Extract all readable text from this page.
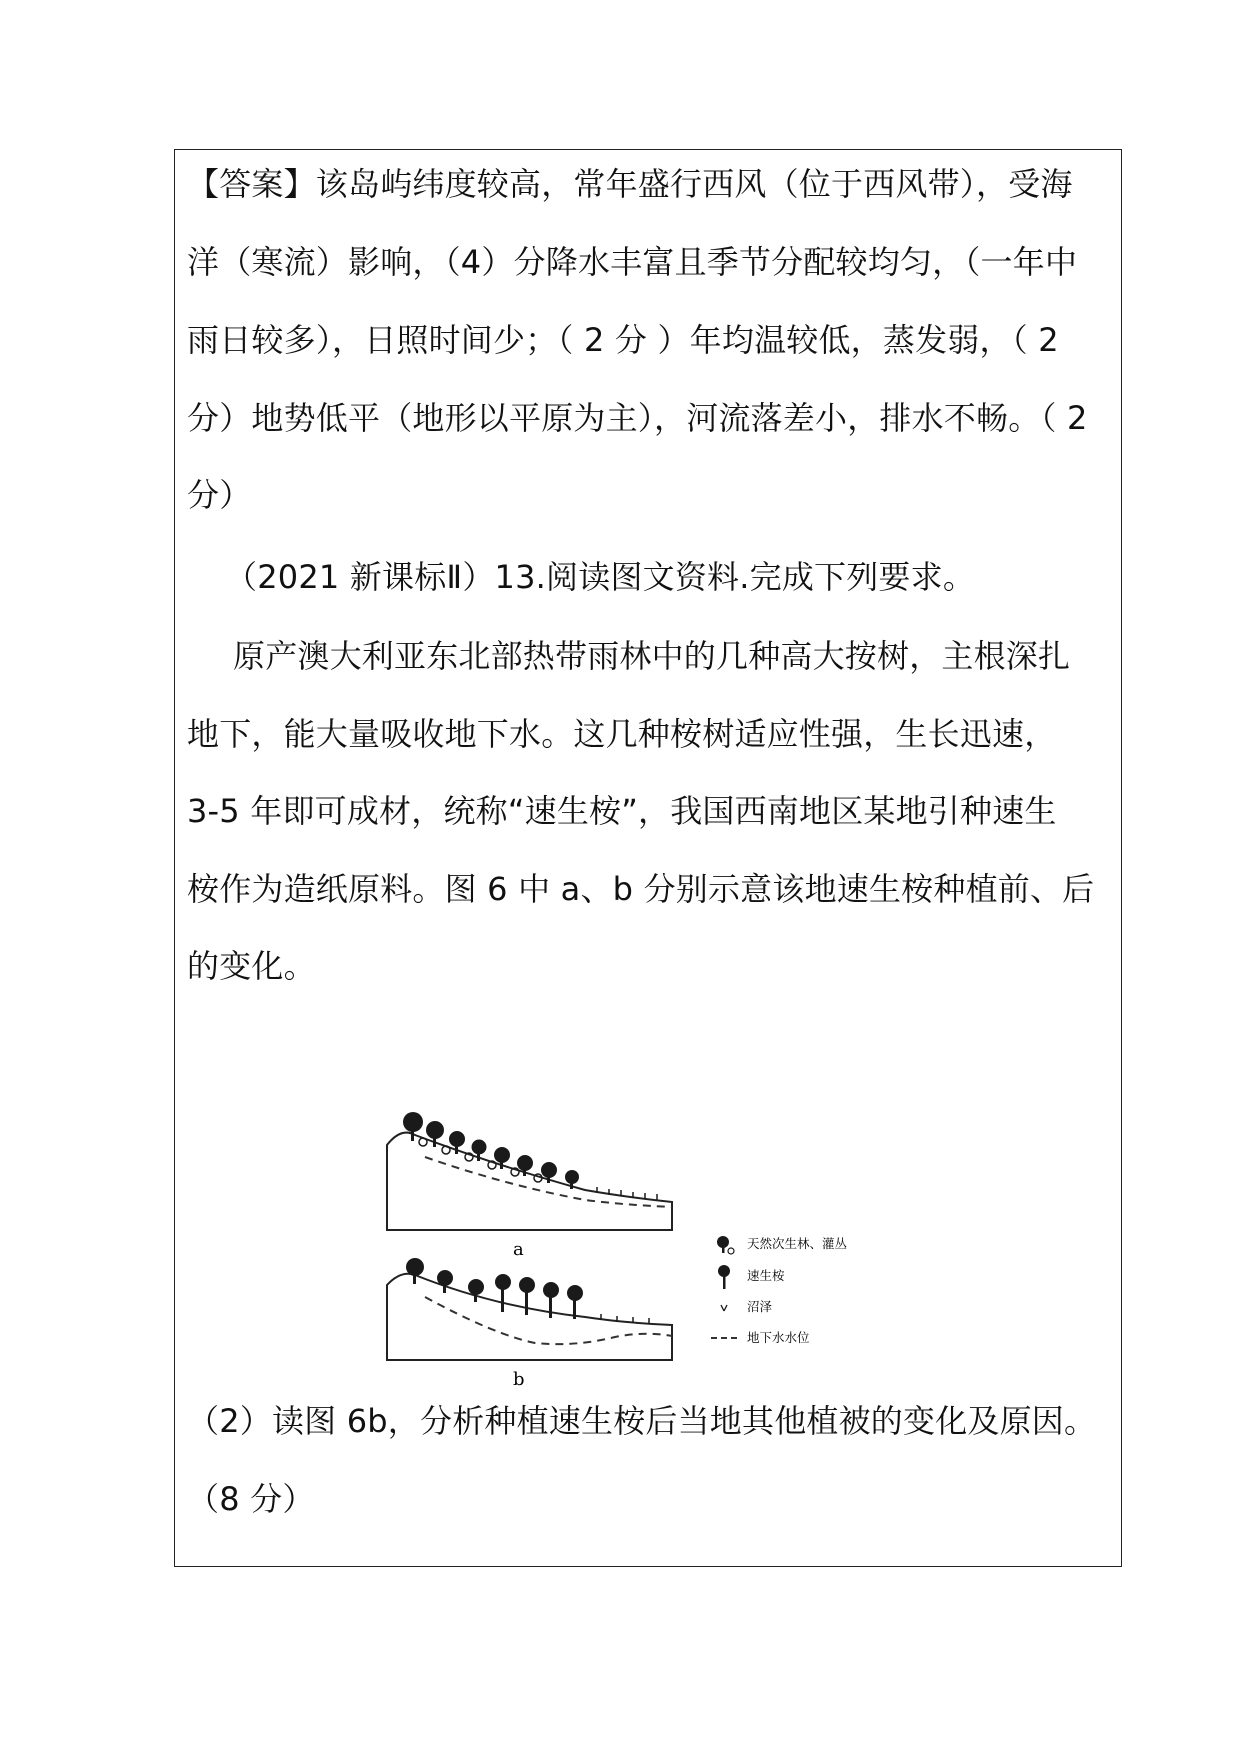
【答案】该岛屿纬度较高，常年盛行西风（位于西风带），受海
洋（寒流）影响，（4）分降水丰富且季节分配较均匀，（一年中
雨日较多），日照时间少；（ 2 分 ）年均温较低，蒸发弱，（ 2
分）地势低平（地形以平原为主），河流落差小，排水不畅。（ 2
分）
（2021 新课标Ⅱ）13.阅读图文资料.完成下列要求。
原产澳大利亚东北部热带雨林中的几种高大按树，主根深扎
地下，能大量吸收地下水。这几种桉树适应性强，生长迅速，
3-5 年即可成材，统称“速生桉”，我国西南地区某地引种速生
桉作为造纸原料。图 6 中 a、b 分别示意该地速生桉种植前、后
的变化。
a
b
天然次生林、灌丛
速生桉
沼泽
地下水水位
（2）读图 6b，分析种植速生桉后当地其他植被的变化及原因。
（8 分）
